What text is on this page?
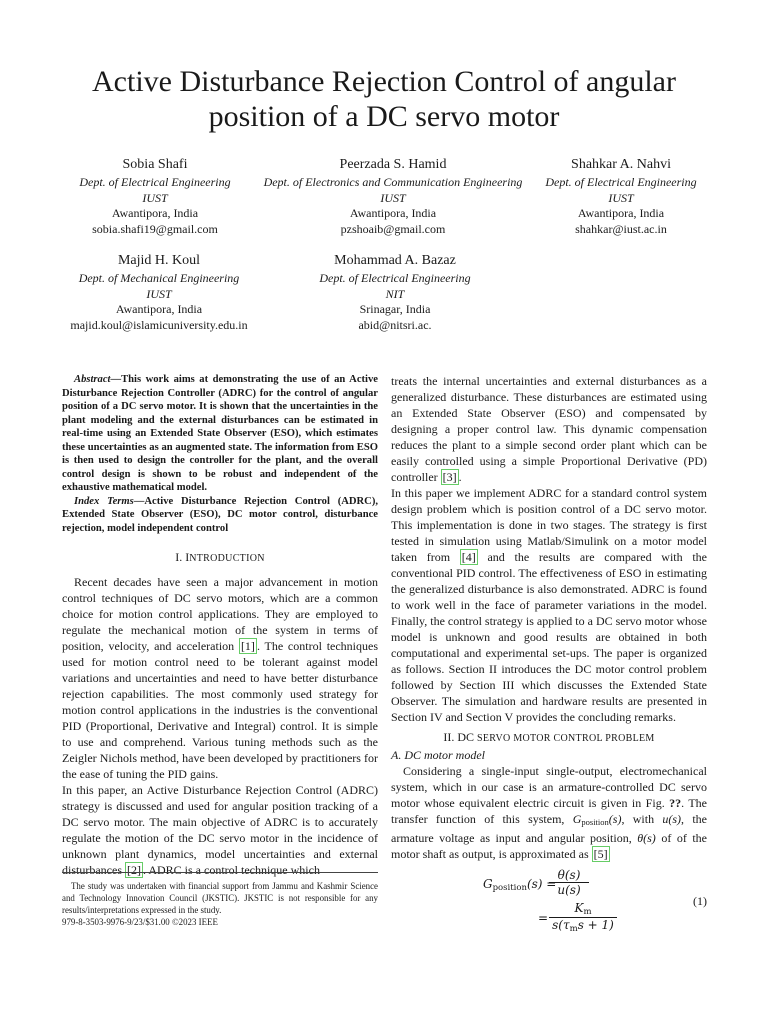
Active Disturbance Rejection Control of angular position of a DC servo motor
Sobia Shafi
Dept. of Electrical Engineering
IUST
Awantipora, India
sobia.shafi19@gmail.com
Peerzada S. Hamid
Dept. of Electronics and Communication Engineering
IUST
Awantipora, India
pzshoaib@gmail.com
Shahkar A. Nahvi
Dept. of Electrical Engineering
IUST
Awantipora, India
shahkar@iust.ac.in
Majid H. Koul
Dept. of Mechanical Engineering
IUST
Awantipora, India
majid.koul@islamicuniversity.edu.in
Mohammad A. Bazaz
Dept. of Electrical Engineering
NIT
Srinagar, India
abid@nitsri.ac.

Abstract—This work aims at demonstrating the use of an Active Disturbance Rejection Controller (ADRC) for the control of angular position of a DC servo motor. It is shown that the uncertainties in the plant modeling and the external disturbances can be estimated in real-time using an Extended State Observer (ESO), which estimates these uncertainties as an augmented state. The information from ESO is then used to design the controller for the plant, and the overall control design is shown to be robust and independent of the exhaustive mathematical model.

Index Terms—Active Disturbance Rejection Control (ADRC), Extended State Observer (ESO), DC motor control, disturbance rejection, model independent control

I. INTRODUCTION

Recent decades have seen a major advancement in motion control techniques of DC servo motors, which are a common choice for motion control applications. They are employed to regulate the mechanical motion of the system in terms of position, velocity, and acceleration [1] . The control techniques used for motion control need to be tolerant against model variations and uncertainties and need to have better disturbance rejection capabilities. The most commonly used strategy for motion control applications in the industries is the conventional PID (Proportional, Derivative and Integral) control. It is simple to use and comprehend. Various tuning methods such as the Zeigler Nichols method, have been developed by practitioners for the ease of tuning the PID gains.

In this paper, an Active Disturbance Rejection Control (ADRC) strategy is discussed and used for angular position tracking of a DC servo motor. The main objective of ADRC is to accurately regulate the motion of the DC servo motor in the incidence of unknown plant dynamics, model uncertainties and external disturbances [2] . ADRC is a control technique which

The study was undertaken with financial support from Jammu and Kashmir Science and Technology Innovation Council (JKSTIC). JKSTIC is not responsible for any results/interpretations expressed in the study.
979-8-3503-9976-9/23/$31.00 ©2023 IEEE

treats the internal uncertainties and external disturbances as a generalized disturbance. These disturbances are estimated using an Extended State Observer (ESO) and compensated by designing a proper control law. This dynamic compensation reduces the plant to a simple second order plant which can be easily controlled using a simple Proportional Derivative (PD) controller [3] .

In this paper we implement ADRC for a standard control system design problem which is position control of a DC servo motor. This implementation is done in two stages. The strategy is first tested in simulation using Matlab/Simulink on a motor model taken from [4] and the results are compared with the conventional PID control. The effectiveness of ESO in estimating the generalized disturbance is also demonstrated. ADRC is found to work well in the face of parameter variations in the model. Finally, the control strategy is applied to a DC servo motor whose model is unknown and good results are obtained in both computational and experimental set-ups. The paper is organized as follows. Section II introduces the DC motor control problem followed by Section III which discusses the Extended State Observer. The simulation and hardware results are presented in Section IV and Section V provides the concluding remarks.

II. DC SERVO MOTOR CONTROL PROBLEM

A. DC motor model

Considering a single-input single-output, electromechanical system, which in our case is an armature-controlled DC servo motor whose equivalent electric circuit is given in Fig. ??. The transfer function of this system, $G_{position}(s)$, with u(s), the armature voltage as input and angular position, θ(s) of of the motor shaft as output, is approximated as [5]

$G_{position}(s)$ =
$\frac{\theta(s)}{u(s)}$
=
$K_m$
$s(\tau_ms + 1)$
(1)
